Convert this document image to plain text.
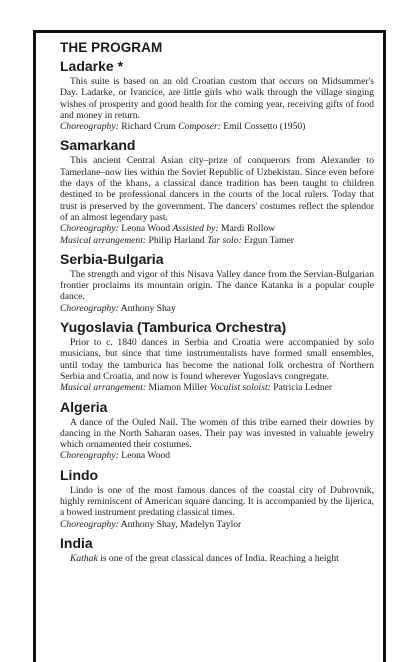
THE PROGRAM
Ladarke *

This suite is based on an old Croatian custom that occurs on Midsummer's Day. Ladarke, or Ivancice, are little girls who walk through the village singing wishes of prosperity and good health for the coming year, receiving gifts of food and money in return.

Choreography: Richard Crum Composer: Emil Cossetto (1950)

Samarkand

This ancient Central Asian city–prize of conquerors from Alexander to Tamerlane–now lies within the Soviet Republic of Uzbekistan. Since even before the days of the khans, a classical dance tradition has been taught to children destined to be professional dancers in the courts of the local rulers. Today that trust is preserved by the government. The dancers' costumes reflect the splendor of an almost legendary past.

Choreography: Leona Wood Assisted by: Mardi Rollow

Musical arrangement: Philip Harland Tar solo: Ergun Tamer

Serbia-Bulgaria

The strength and vigor of this Nisava Valley dance from the Servian-Bulgarian frontier proclaims its mountain origin. The dance Katanka is a popular couple dance.

Choreography: Anthony Shay

Yugoslavia (Tamburica Orchestra)

Prior to c. 1840 dances in Serbia and Croatia were accompanied by solo musicians, but since that time instrumentalists have formed small ensembles, until today the tamburica has become the national folk orchestra of Northern Serbia and Croatia, and now is found wherever Yugoslavs congregate.

Musical arrangement: Miamon Miller Vocalist soloist: Patricia Ledner

Algeria

A dance of the Ouled Nail. The women of this tribe earned their dowries by dancing in the North Saharan oases. Their pay was invested in valuable jewelry which ornamented their costumes.

Choreography: Leona Wood

Lindo

Lindo is one of the most famous dances of the coastal city of Dubrovnik, highly reminiscent of American square dancing. It is accompanied by the lijerica, a bowed instrument predating classical times.

Choreography: Anthony Shay, Madelyn Taylor

India

Kathak is one of the great classical dances of India. Reaching a height
